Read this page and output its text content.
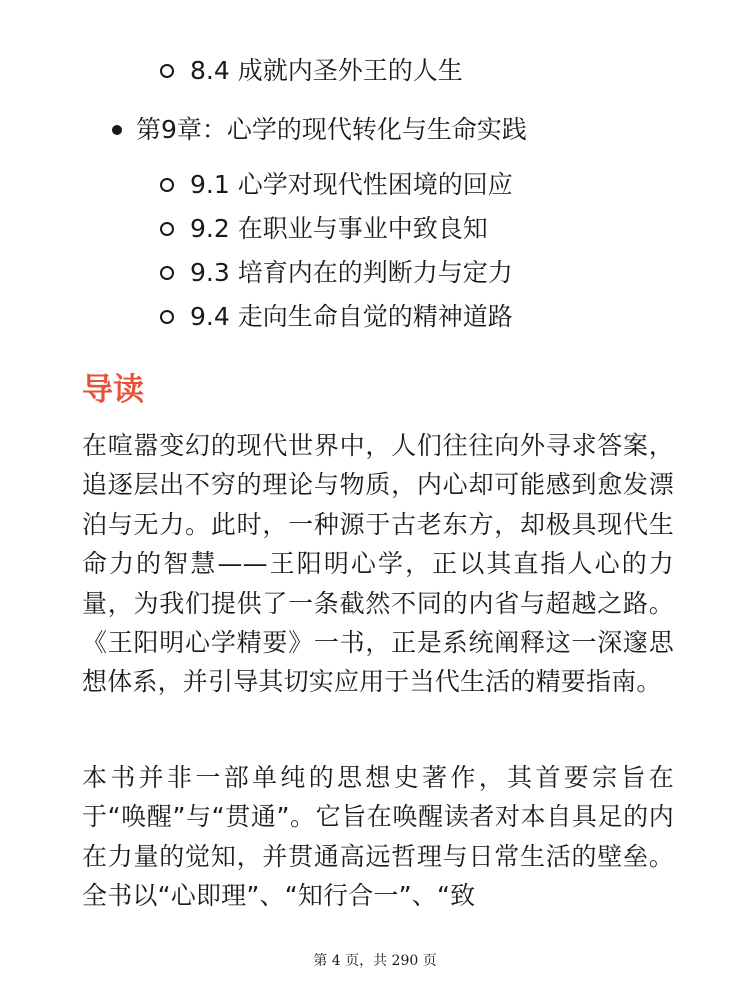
8.4 成就内圣外王的人生
第9章：心学的现代转化与生命实践
9.1 心学对现代性困境的回应
9.2 在职业与事业中致良知
9.3 培育内在的判断力与定力
9.4 走向生命自觉的精神道路
导读

在喧嚣变幻的现代世界中，人们往往向外寻求答案，追逐层出不穷的理论与物质，内心却可能感到愈发漂泊与无力。此时，一种源于古老东方，却极具现代生命力的智慧——王阳明心学，正以其直指人心的力量，为我们提供了一条截然不同的内省与超越之路。《王阳明心学精要》一书，正是系统阐释这一深邃思想体系，并引导其切实应用于当代生活的精要指南。

本书并非一部单纯的思想史著作，其首要宗旨在于“唤醒”与“贯通”。它旨在唤醒读者对本自具足的内在力量的觉知，并贯通高远哲理与日常生活的壁垒。全书以“心即理”、“知行合一”、“致

第 4 页，共 290 页
